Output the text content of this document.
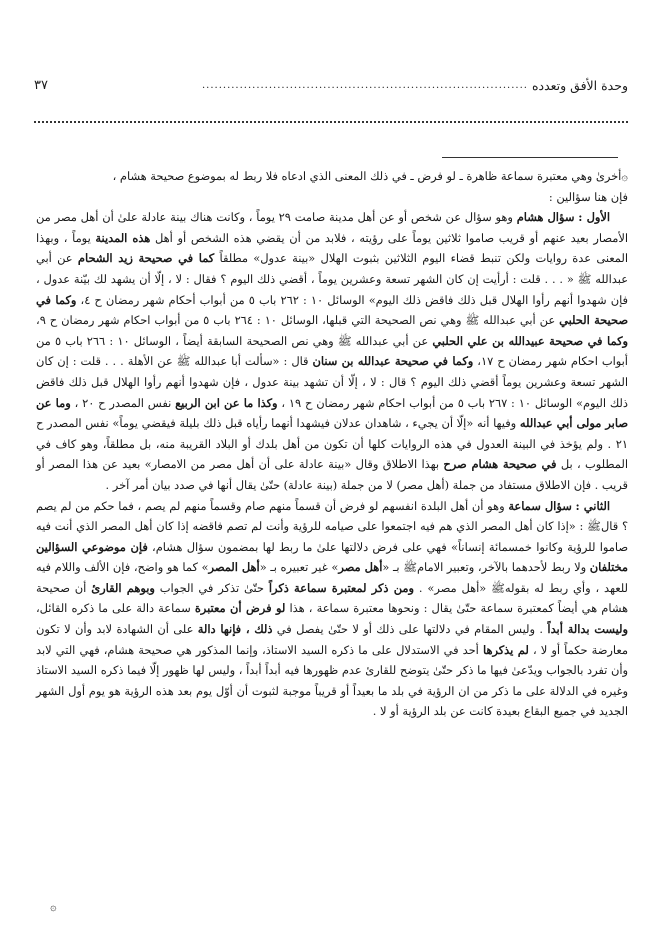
وحدة الأفق وتعدده
..............................................................................
٣٧

۞أخرىٰ وهي معتبرة سماعة ظاهرة ـ لو فرض ـ في ذلك المعنى الذي ادعاه فلا ربط له بموضوع صحيحة هشام ،

فإن هنا سؤالين :

الأول : سؤال هشام وهو سؤال عن شخص أو عن أهل مدينة صامت ٢٩ يوماً ، وكانت هناك بينة عادلة علىٰ أن أهل مصر من الأمصار بعيد عنهم أو قريب صاموا ثلاثين يوماً على رؤيته ، فلابد من أن يقضي هذه الشخص أو أهل هذه المدينة يوماً ، وبهذا المعنى عدة روايات ولكن تنبط قضاء اليوم الثلاثين بثبوت الهلال «بينة عدول» مطلقاً كما في صحيحة زيد الشحام عن أبي عبدالله ﷺ « . . . قلت : أرأيت إن كان الشهر تسعة وعشرين يوماً ، أقضي ذلك اليوم ؟ فقال : لا ، إلّا أن يشهد لك بيّنة عدول ، فإن شهدوا أنهم رأوا الهلال قبل ذلك فاقض ذلك اليوم» الوسائل ١٠ : ٢٦٢ باب ٥ من أبواب أحكام شهر رمضان ح ٤، وكما في صحيحة الحلبي عن أبي عبدالله ﷺ وهي نص الصحيحة التي قبلها، الوسائل ١٠ : ٢٦٤ باب ٥ من أبواب احكام شهر رمضان ح ٩، وكما في صحيحة عبيدالله بن علي الحلبي عن أبي عبدالله ﷺ وهي نص الصحيحة السابقة أيضاً ، الوسائل ١٠ : ٢٦٦ باب ٥ من أبواب احكام شهر رمضان ح ١٧، وكما في صحيحة عبدالله بن سنان قال : «سألت أبا عبدالله ﷺ عن الأهلة . . . قلت : إن كان الشهر تسعة وعشرين يوماً أقضي ذلك اليوم ؟ قال : لا ، إلّا أن تشهد بينة عدول ، فإن شهدوا أنهم رأوا الهلال قبل ذلك فاقض ذلك اليوم» الوسائل ١٠ : ٢٦٧ باب ٥ من أبواب احكام شهر رمضان ح ١٩ ، وكذا ما عن ابن الربيع نفس المصدر ح ٢٠ ، وما عن صابر مولى أبي عبدالله وفيها أنه «إلّا أن يجيء ، شاهدان عدلان فيشهدا أنهما رأياه قبل ذلك بليلة فيقضي يوماً» نفس المصدر ح ٢١ . ولم يؤخذ في البينة العدول في هذه الروايات كلها أن تكون من أهل بلدك أو البلاد القريبة منه، بل مطلقاً، وهو كاف في المطلوب ، بل في صحيحة هشام صرح بهذا الاطلاق وقال «بينة عادلة على أن أهل مصر من الامصار» بعيد عن هذا المصر أو قريب . فإن الاطلاق مستفاد من جملة (أهل مصر) لا من جملة (بينة عادلة) حتّىٰ يقال أنها في صدد بيان أمر آخر .

الثاني : سؤال سماعة وهو أن أهل البلدة انفسهم لو فرض أن قسماً منهم صام وقسماً منهم لم يصم ، فما حكم من لم يصم ؟ قالﷺ : «إذا كان أهل المصر الذي هم فيه اجتمعوا على صيامه للرؤية وأنت لم تصم فاقضه إذا كان أهل المصر الذي أنت فيه صاموا للرؤية وكانوا خمسمائة إنساناً» فهي على فرض دلالتها علىٰ ما ربط لها بمضمون سؤال هشام، فإن موضوعي السؤالين مختلفان ولا ربط لأحدهما بالآخر، وتعبير الامامﷺ بـ «أهل مصر» غير تعبيره بـ «أهل المصر» كما هو واضح، فإن الألف واللام فيه للعهد ، وأي ربط له بقولهﷺ «أهل مصر» . ومن ذكر لمعتبرة سماعة ذكراً حتّىٰ تذكر في الجواب وبوهم القارئ أن صحيحة هشام هي أيضاً كمعتبرة سماعة حتّىٰ يقال : ونحوها معتبرة سماعة ، هذا لو فرض أن معتبرة سماعة دالة على ما ذكره القائل، وليست بدالة أبداً . وليس المقام في دلالتها على ذلك أو لا حتّىٰ يفصل في ذلك ، فإنها دالة على أن الشهادة لابد وأن لا تكون معارضة حكماً أو لا ، لم يذكرها أحد في الاستدلال على ما ذكره السيد الاستاذ، وإنما المذكور هي صحيحة هشام، فهي التي لابد وأن تفرد بالجواب ويدّعىٰ فيها ما ذكر حتّىٰ يتوضح للقارئ عدم ظهورها فيه أبداً أبداً ، وليس لها ظهور إلّا فيما ذكره السيد الاستاذ وغيره في الدلالة على ما ذكر من ان الرؤية في بلد ما بعيداً أو قريباً موجبة لثبوت أن أوّل يوم بعد هذه الرؤية هو يوم أول الشهر الجديد في جميع البقاع بعيدة كانت عن بلد الرؤية أو لا .

۞
